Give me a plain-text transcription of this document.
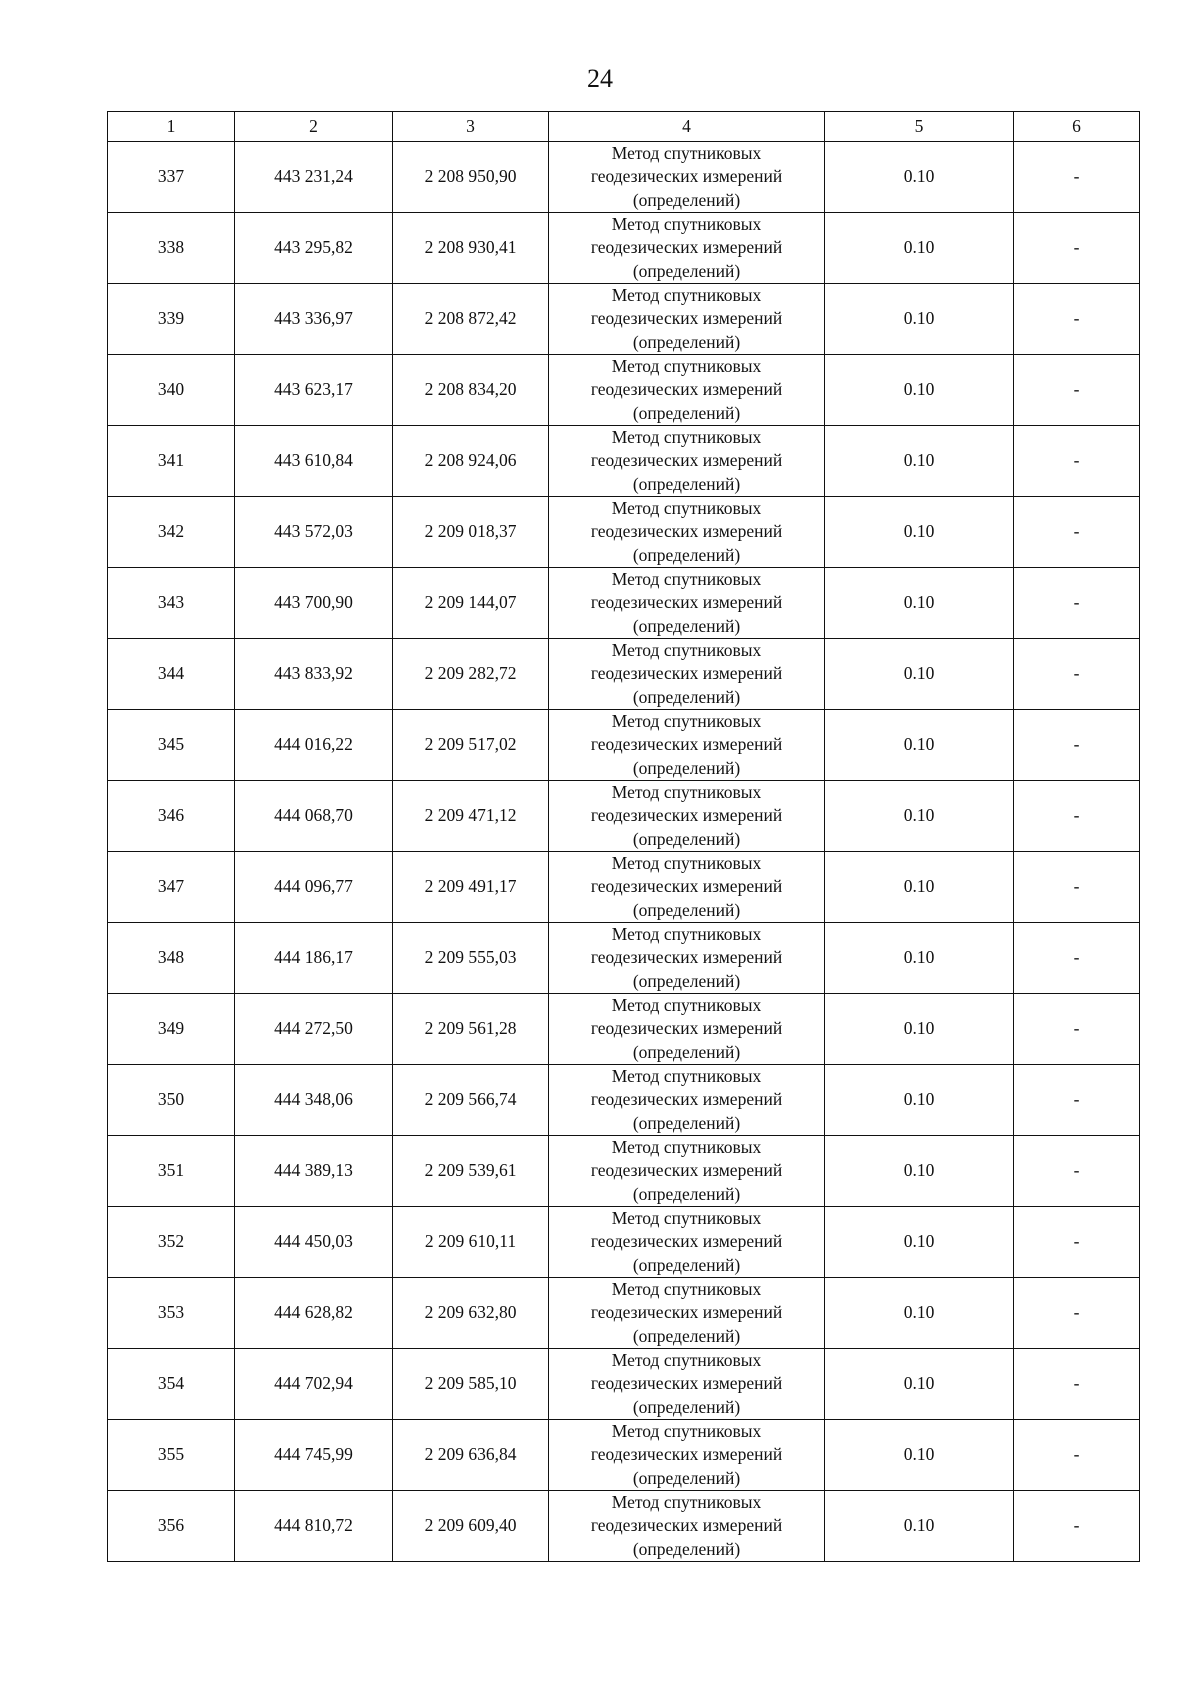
24
1	2	3	4	5	6
337	443 231,24	2 208 950,90	Метод спутниковых
геодезических измерений
(определений)	0.10	-
338	443 295,82	2 208 930,41	Метод спутниковых
геодезических измерений
(определений)	0.10	-
339	443 336,97	2 208 872,42	Метод спутниковых
геодезических измерений
(определений)	0.10	-
340	443 623,17	2 208 834,20	Метод спутниковых
геодезических измерений
(определений)	0.10	-
341	443 610,84	2 208 924,06	Метод спутниковых
геодезических измерений
(определений)	0.10	-
342	443 572,03	2 209 018,37	Метод спутниковых
геодезических измерений
(определений)	0.10	-
343	443 700,90	2 209 144,07	Метод спутниковых
геодезических измерений
(определений)	0.10	-
344	443 833,92	2 209 282,72	Метод спутниковых
геодезических измерений
(определений)	0.10	-
345	444 016,22	2 209 517,02	Метод спутниковых
геодезических измерений
(определений)	0.10	-
346	444 068,70	2 209 471,12	Метод спутниковых
геодезических измерений
(определений)	0.10	-
347	444 096,77	2 209 491,17	Метод спутниковых
геодезических измерений
(определений)	0.10	-
348	444 186,17	2 209 555,03	Метод спутниковых
геодезических измерений
(определений)	0.10	-
349	444 272,50	2 209 561,28	Метод спутниковых
геодезических измерений
(определений)	0.10	-
350	444 348,06	2 209 566,74	Метод спутниковых
геодезических измерений
(определений)	0.10	-
351	444 389,13	2 209 539,61	Метод спутниковых
геодезических измерений
(определений)	0.10	-
352	444 450,03	2 209 610,11	Метод спутниковых
геодезических измерений
(определений)	0.10	-
353	444 628,82	2 209 632,80	Метод спутниковых
геодезических измерений
(определений)	0.10	-
354	444 702,94	2 209 585,10	Метод спутниковых
геодезических измерений
(определений)	0.10	-
355	444 745,99	2 209 636,84	Метод спутниковых
геодезических измерений
(определений)	0.10	-
356	444 810,72	2 209 609,40	Метод спутниковых
геодезических измерений
(определений)	0.10	-
